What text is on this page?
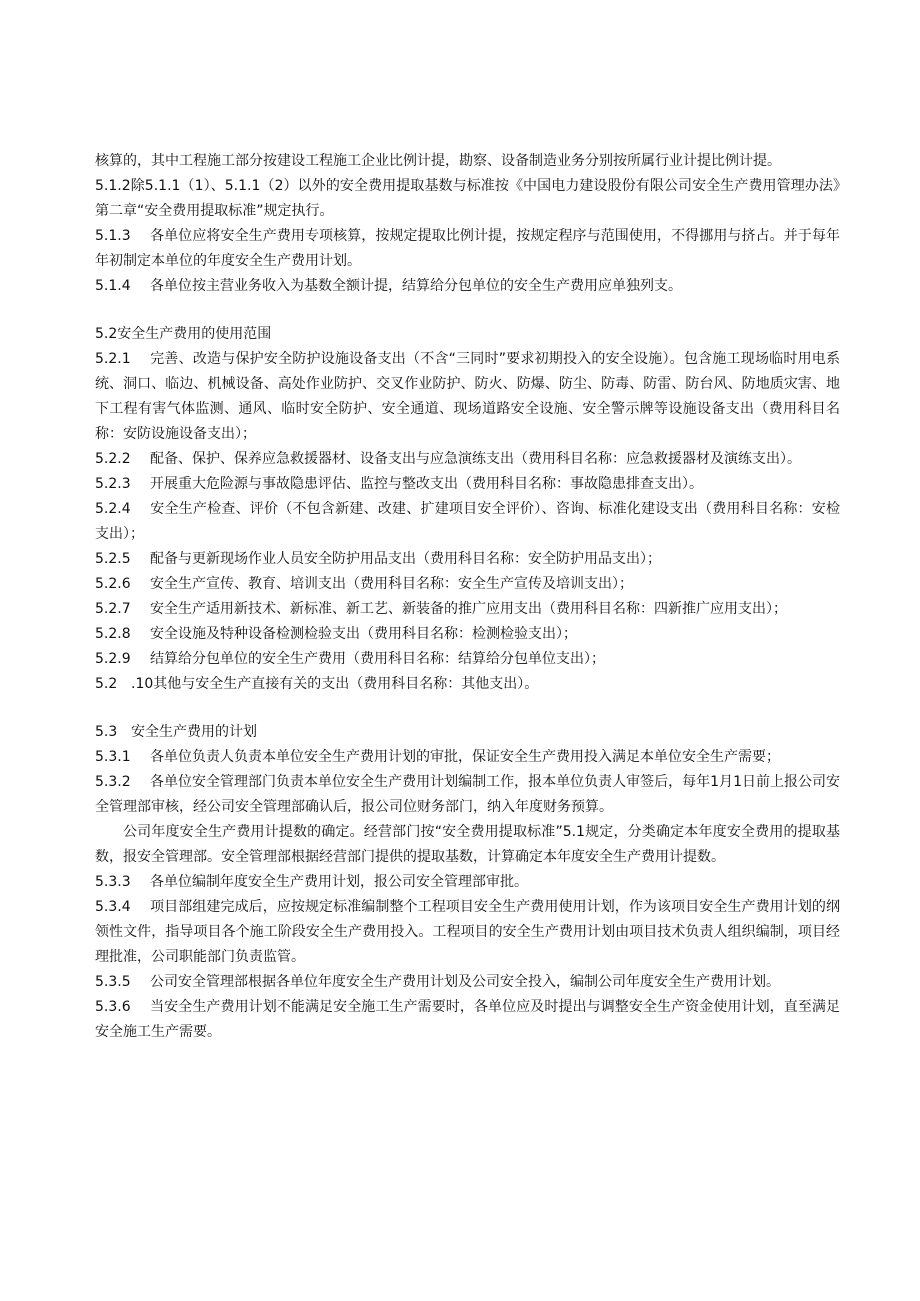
核算的，其中工程施工部分按建设工程施工企业比例计提，勘察、设备制造业务分别按所属行业计提比例计提。

5.1.2除5.1.1（1）、5.1.1（2）以外的安全费用提取基数与标准按《中国电力建设股份有限公司安全生产费用管理办法》第二章“安全费用提取标准”规定执行。

5.1.3 各单位应将安全生产费用专项核算，按规定提取比例计提，按规定程序与范围使用，不得挪用与挤占。并于每年年初制定本单位的年度安全生产费用计划。

5.1.4 各单位按主营业务收入为基数全额计提，结算给分包单位的安全生产费用应单独列支。

5.2安全生产费用的使用范围

5.2.1 完善、改造与保护安全防护设施设备支出（不含“三同时”要求初期投入的安全设施）。包含施工现场临时用电系统、洞口、临边、机械设备、高处作业防护、交叉作业防护、防火、防爆、防尘、防毒、防雷、防台风、防地质灾害、地下工程有害气体监测、通风、临时安全防护、安全通道、现场道路安全设施、安全警示牌等设施设备支出（费用科目名称：安防设施设备支出）；

5.2.2 配备、保护、保养应急救援器材、设备支出与应急演练支出（费用科目名称：应急救援器材及演练支出）。

5.2.3 开展重大危险源与事故隐患评估、监控与整改支出（费用科目名称：事故隐患排查支出）。

5.2.4 安全生产检查、评价（不包含新建、改建、扩建项目安全评价）、咨询、标准化建设支出（费用科目名称：安检支出）；

5.2.5 配备与更新现场作业人员安全防护用品支出（费用科目名称：安全防护用品支出）；

5.2.6 安全生产宣传、教育、培训支出（费用科目名称：安全生产宣传及培训支出）；

5.2.7 安全生产适用新技术、新标准、新工艺、新装备的推广应用支出（费用科目名称：四新推广应用支出）；

5.2.8 安全设施及特种设备检测检验支出（费用科目名称：检测检验支出）；

5.2.9 结算给分包单位的安全生产费用（费用科目名称：结算给分包单位支出）；

5.2 .10其他与安全生产直接有关的支出（费用科目名称：其他支出）。

5.3 安全生产费用的计划

5.3.1 各单位负责人负责本单位安全生产费用计划的审批，保证安全生产费用投入满足本单位安全生产需要；

5.3.2 各单位安全管理部门负责本单位安全生产费用计划编制工作，报本单位负责人审签后，每年1月1日前上报公司安全管理部审核，经公司安全管理部确认后，报公司位财务部门，纳入年度财务预算。

公司年度安全生产费用计提数的确定。经营部门按“安全费用提取标准”5.1规定，分类确定本年度安全费用的提取基数，报安全管理部。安全管理部根据经营部门提供的提取基数，计算确定本年度安全生产费用计提数。

5.3.3 各单位编制年度安全生产费用计划，报公司安全管理部审批。

5.3.4 项目部组建完成后，应按规定标准编制整个工程项目安全生产费用使用计划，作为该项目安全生产费用计划的纲领性文件，指导项目各个施工阶段安全生产费用投入。工程项目的安全生产费用计划由项目技术负责人组织编制，项目经理批准，公司职能部门负责监管。

5.3.5 公司安全管理部根据各单位年度安全生产费用计划及公司安全投入，编制公司年度安全生产费用计划。

5.3.6 当安全生产费用计划不能满足安全施工生产需要时，各单位应及时提出与调整安全生产资金使用计划，直至满足安全施工生产需要。
